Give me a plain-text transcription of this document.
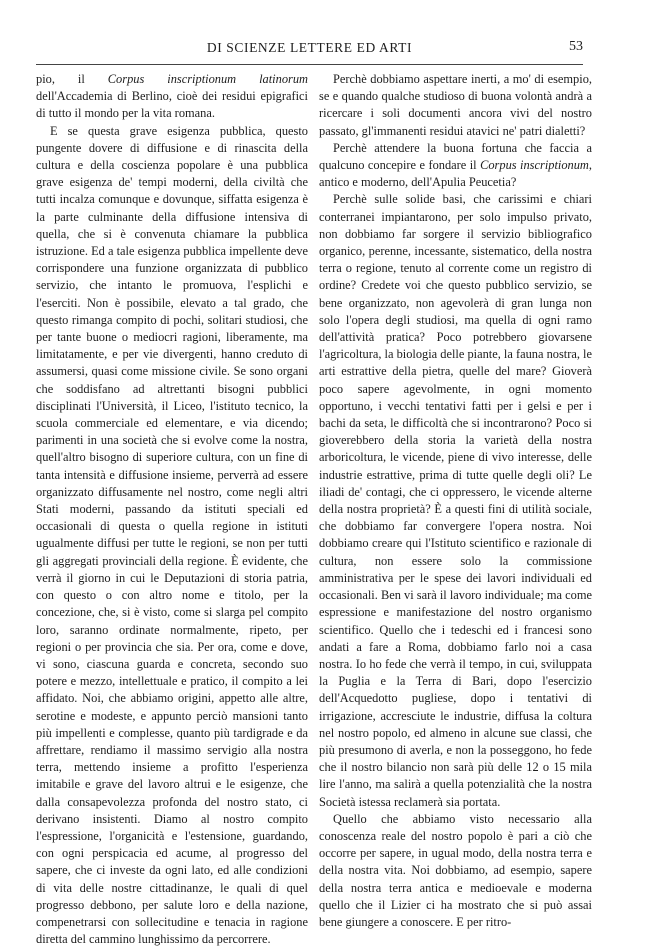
DI SCIENZE LETTERE ED ARTI	53

pio, il Corpus inscriptionum latinorum dell'Accademia di Berlino, cioè dei residui epigrafici di tutto il mondo per la vita romana.

E se questa grave esigenza pubblica, questo pungente dovere di diffusione e di rinascita della cultura e della coscienza popolare è una pubblica grave esigenza de' tempi moderni, della civiltà che tutti incalza comunque e dovunque, siffatta esigenza è la parte culminante della diffusione intensiva di quella, che si è convenuta chiamare la pubblica istruzione. Ed a tale esigenza pubblica impellente deve corrispondere una funzione organizzata di pubblico servizio, che intanto le promuova, l'esplichi e l'eserciti. Non è possibile, elevato a tal grado, che questo rimanga compito di pochi, solitari studiosi, che per tante buone o mediocri ragioni, liberamente, ma limitatamente, e per vie divergenti, hanno creduto di assumersi, quasi come missione civile. Se sono organi che soddisfano ad altrettanti bisogni pubblici disciplinati l'Università, il Liceo, l'istituto tecnico, la scuola commerciale ed elementare, e via dicendo; parimenti in una società che si evolve come la nostra, quell'altro bisogno di superiore cultura, con un fine di tanta intensità e diffusione insieme, perverrà ad essere organizzato diffusamente nel nostro, come negli altri Stati moderni, passando da istituti speciali ed occasionali di questa o quella regione in istituti ugualmente diffusi per tutte le regioni, se non per tutti gli aggregati provinciali della regione. È evidente, che verrà il giorno in cui le Deputazioni di storia patria, con questo o con altro nome e titolo, per la concezione, che, si è visto, come si slarga pel compito loro, saranno ordinate normalmente, ripeto, per regioni o per provincia che sia. Per ora, come e dove, vi sono, ciascuna guarda e concreta, secondo suo potere e mezzo, intellettuale e pratico, il compito a lei affidato. Noi, che abbiamo origini, appetto alle altre, serotine e modeste, e appunto perciò mansioni tanto più impellenti e complesse, quanto più tardigrade e da affrettare, rendiamo il massimo servigio alla nostra terra, mettendo insieme a profitto l'esperienza imitabile e grave del lavoro altrui e le esigenze, che dalla consapevolezza profonda del nostro stato, ci derivano insistenti. Diamo al nostro compito l'espressione, l'organicità e l'estensione, guardando, con ogni perspicacia ed acume, al progresso del sapere, che ci investe da ogni lato, ed alle condizioni di vita delle nostre cittadinanze, le quali di quel progresso debbono, per salute loro e della nazione, compenetrarsi con sollecitudine e tenacia in ragione diretta del cammino lunghissimo da percorrere.

Perchè dobbiamo aspettare inerti, a mo' di esempio, se e quando qualche studioso di buona volontà andrà a ricercare i soli documenti ancora vivi del nostro passato, gl'immanenti residui atavici ne' patri dialetti?

Perchè attendere la buona fortuna che faccia a qualcuno concepire e fondare il Corpus inscriptionum, antico e moderno, dell'Apulia Peucetia?

Perchè sulle solide basi, che carissimi e chiari conterranei impiantarono, per solo impulso privato, non dobbiamo far sorgere il servizio bibliografico organico, perenne, incessante, sistematico, della nostra terra o regione, tenuto al corrente come un registro di ordine? Credete voi che questo pubblico servizio, se bene organizzato, non agevolerà di gran lunga non solo l'opera degli studiosi, ma quella di ogni ramo dell'attività pratica? Poco potrebbero giovarsene l'agricoltura, la biologia delle piante, la fauna nostra, le arti estrattive della pietra, quelle del mare? Gioverà poco sapere agevolmente, in ogni momento opportuno, i vecchi tentativi fatti per i gelsi e per i bachi da seta, le difficoltà che si incontrarono? Poco si gioverebbero della storia la varietà della nostra arboricoltura, le vicende, piene di vivo interesse, delle industrie estrattive, prima di tutte quelle degli oli? Le iliadi de' contagi, che ci oppressero, le vicende alterne della nostra proprietà? È a questi fini di utilità sociale, che dobbiamo far convergere l'opera nostra. Noi dobbiamo creare qui l'Istituto scientifico e razionale di cultura, non essere solo la commissione amministrativa per le spese dei lavori individuali ed occasionali. Ben vi sarà il lavoro individuale; ma come espressione e manifestazione del nostro organismo scientifico. Quello che i tedeschi ed i francesi sono andati a fare a Roma, dobbiamo farlo noi a casa nostra. Io ho fede che verrà il tempo, in cui, sviluppata la Puglia e la Terra di Bari, dopo l'esercizio dell'Acquedotto pugliese, dopo i tentativi di irrigazione, accresciute le industrie, diffusa la coltura nel nostro popolo, ed almeno in alcune sue classi, che più presumono di averla, e non la posseggono, ho fede che il nostro bilancio non sarà più delle 12 o 15 mila lire l'anno, ma salirà a quella potenzialità che la nostra Società istessa reclamerà sia portata.

Quello che abbiamo visto necessario alla conoscenza reale del nostro popolo è pari a ciò che occorre per sapere, in ugual modo, della nostra terra e della nostra vita. Noi dobbiamo, ad esempio, sapere della nostra terra antica e medioevale e moderna quello che il Lizier ci ha mostrato che si può assai bene giungere a conoscere. E per ritro-
